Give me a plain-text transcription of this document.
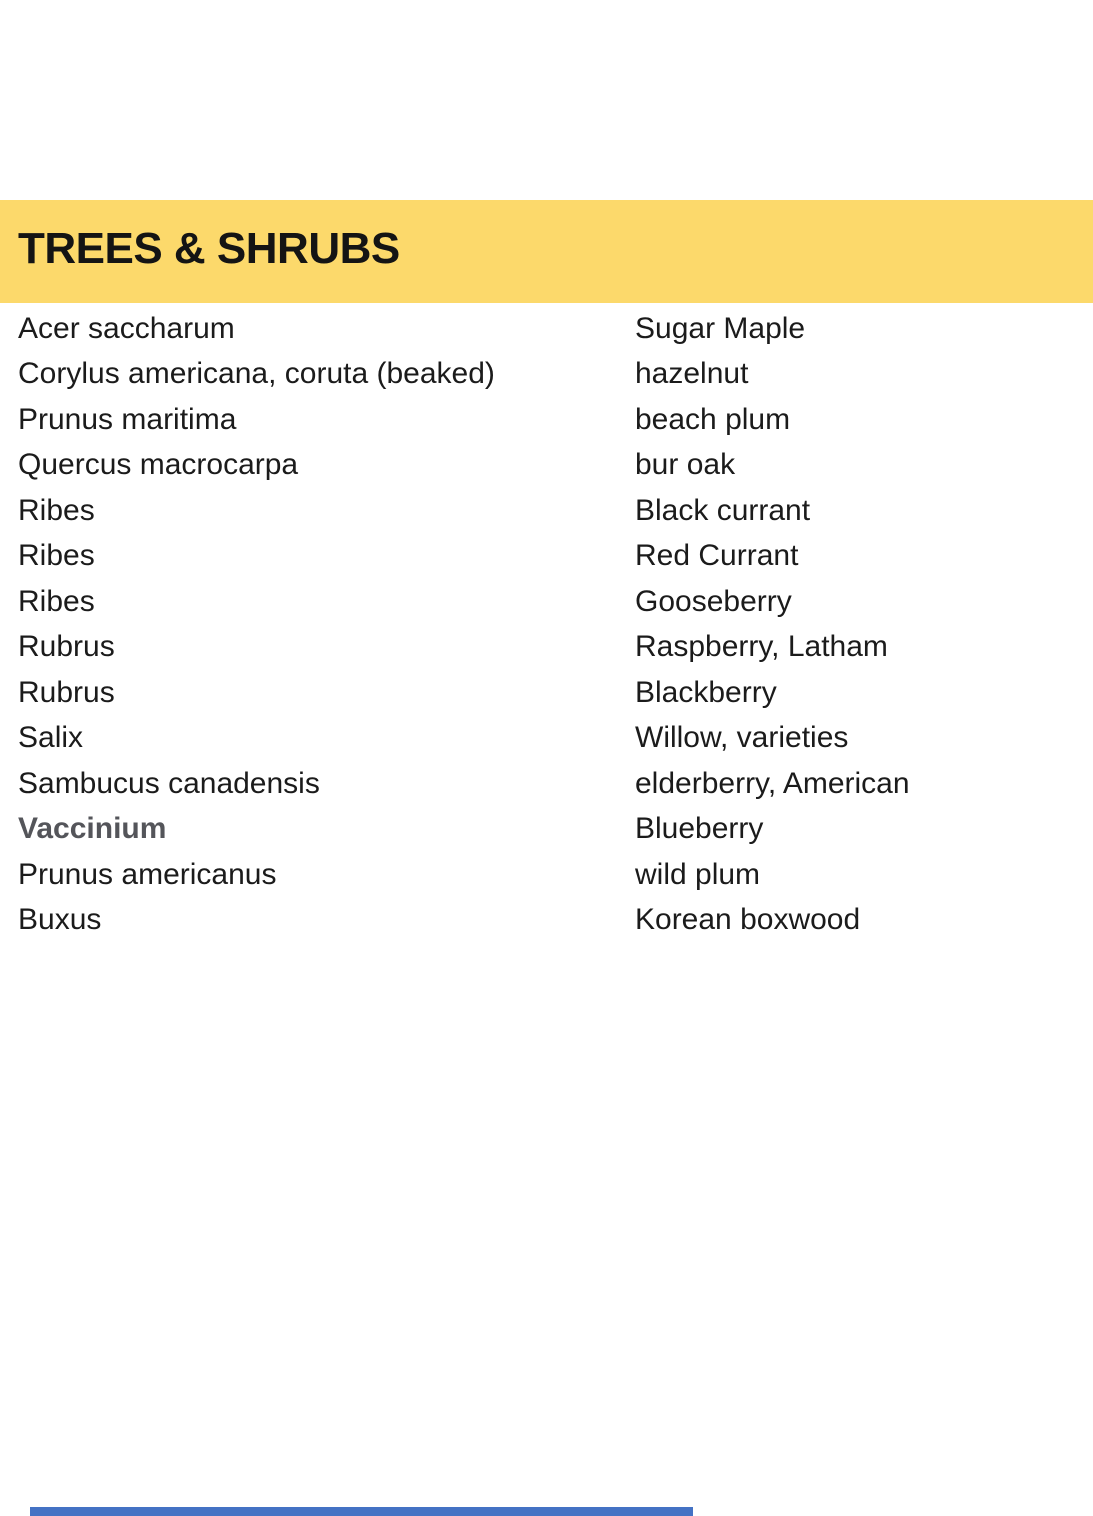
TREES & SHRUBS
Acer saccharum	Sugar Maple
Corylus americana, coruta (beaked)	hazelnut
Prunus maritima	beach plum
Quercus macrocarpa	bur oak
Ribes	Black currant
Ribes	Red Currant
Ribes	Gooseberry
Rubrus	Raspberry, Latham
Rubrus	Blackberry
Salix	Willow, varieties
Sambucus canadensis	elderberry, American
Vaccinium	Blueberry
Prunus americanus	wild plum
Buxus	Korean boxwood
